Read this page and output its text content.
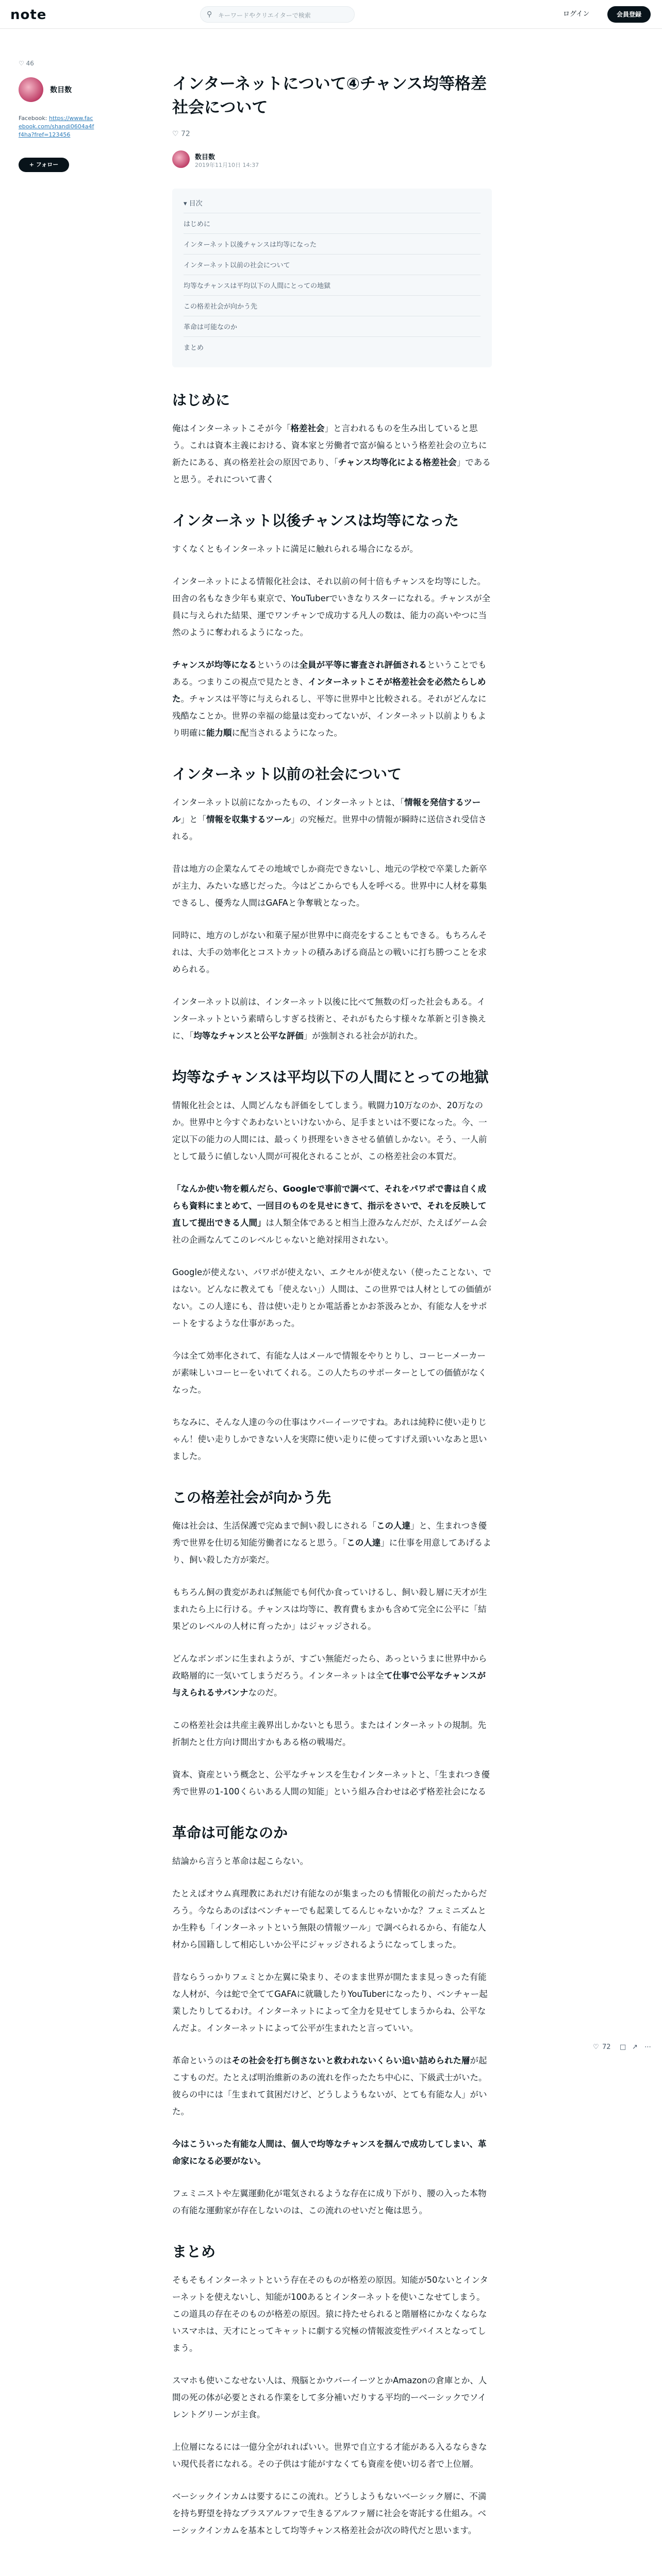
note	⚲ キーワードやクリエイターで検索	ログイン	会員登録
♡ 46
数目数
Facebook: https://www.facebook.com/shandi0604a4ff4ha?fref=123456
+ フォロー
インターネットについて④チャンス均等格差社会について
♡ 72
数目数
2019年11月10日 14:37
▾ 目次
はじめに
インターネット以後チャンスは均等になった
インターネット以前の社会について
均等なチャンスは平均以下の人間にとっての地獄
この格差社会が向かう先
革命は可能なのか
まとめ
はじめに

俺はインターネットこそが今「格差社会」と言われるものを生み出していると思う。これは資本主義における、資本家と労働者で富が偏るという格差社会の立ちに新たにある、真の格差社会の原因であり、「チャンス均等化による格差社会」であると思う。それについて書く

インターネット以後チャンスは均等になった

すくなくともインターネットに満足に触れられる場合になるが。

インターネットによる情報化社会は、それ以前の何十倍もチャンスを均等にした。田舎の名もなき少年も東京で、YouTuberでいきなりスターになれる。チャンスが全員に与えられた結果、運でワンチャンで成功する凡人の数は、能力の高いやつに当然のように奪われるようになった。

チャンスが均等になるというのは全員が平等に審査され評価されるということでもある。つまりこの視点で見たとき、インターネットこそが格差社会を必然たらしめた。チャンスは平等に与えられるし、平等に世界中と比較される。それがどんなに残酷なことか。世界の幸福の総量は変わってないが、インターネット以前よりもより明確に能力順に配当されるようになった。

インターネット以前の社会について

インターネット以前になかったもの、インターネットとは、「情報を発信するツール」と「情報を収集するツール」の究極だ。世界中の情報が瞬時に送信され受信される。

昔は地方の企業なんてその地域でしか商売できないし、地元の学校で卒業した新卒が主力、みたいな感じだった。今はどこからでも人を呼べる。世界中に人材を募集できるし、優秀な人間はGAFAと争奪戦となった。

同時に、地方のしがない和菓子屋が世界中に商売をすることもできる。もちろんそれは、大手の効率化とコストカットの積みあげる商品との戦いに打ち勝つことを求められる。

インターネット以前は、インターネット以後に比べて無数の灯った社会もある。インターネットという素晴らしすぎる技術と、それがもたらす様々な革新と引き換えに、「均等なチャンスと公平な評価」が強制される社会が訪れた。

均等なチャンスは平均以下の人間にとっての地獄

情報化社会とは、人間どんなも評価をしてしまう。戦闘力10万なのか、20万なのか。世界中と今すぐあわないといけないから、足手まといは不要になった。今、一定以下の能力の人間には、最っくり摂理をいきさせる値値しかない。そう、一人前として最うに値しない人間が可視化されることが、この格差社会の本質だ。

「なんか使い物を頼んだら、Googleで事前で調べて、それをパワポで書は自く成らも資料にまとめて、一回目のものを見せにきて、指示をさいで、それを反映して直して提出できる人間」は人類全体であると相当上澄みなんだが、たえばゲーム会社の企画なんてこのレベルじゃないと絶対採用されない。

Googleが使えない、パワポが使えない、エクセルが使えない（使ったことない、ではない。どんなに教えても「使えない」）人間は、この世界では人材としての価値がない。この人達にも、昔は使い走りとか電話番とかお茶汲みとか、有能な人をサポートをするような仕事があった。

今は全て効率化されて、有能な人はメールで情報をやりとりし、コーヒーメーカーが素味しいコーヒーをいれてくれる。この人たちのサポーターとしての価値がなくなった。

ちなみに、そんな人達の今の仕事はウバーイーツですね。あれは純粋に使い走りじゃん！使い走りしかできない人を実際に使い走りに使ってすげえ頭いいなあと思いました。

この格差社会が向かう先

俺は社会は、生活保護で完ぬまで飼い殺しにされる「この人達」と、生まれつき優秀で世界を仕切る知能労働者になると思う。「この人達」に仕事を用意してあげるより、飼い殺した方が楽だ。

もちろん飼の貴変があれば無能でも何代か食っていけるし、飼い殺し層に天才が生まれたら上に行ける。チャンスは均等に、教育費もまかも含めて完全に公平に「結果どのレベルの人材に育ったか」はジャッジされる。

どんなボンボンに生まれようが、すごい無能だったら、あっというまに世界中から政略層的に一気いてしまうだろう。インターネットは全て仕事で公平なチャンスが与えられるサバンナなのだ。

この格差社会は共産主義界出しかないとも思う。またはインターネットの規制。先折制たと仕方向け間出すかもある格の戦場だ。

資本、資産という概念と、公平なチャンスを生むインターネットと、「生まれつき優秀で世界の1-100くらいある人間の知能」という組み合わせは必ず格差社会になる

革命は可能なのか

結論から言うと革命は起こらない。

たとえばオウム真理教にあれだけ有能なのが集まったのも情報化の前だったからだろう。今ならあのばはベンチャーでも起業してるんじゃないかな？フェミニズムとか生粋も「インターネットという無限の情報ツール」で調べられるから、有能な人材から国籍しして相応しいか公平にジャッジされるようになってしまった。

昔ならうっかりフェミとか左翼に染まり、そのまま世界が開たまま見っきった有能な人材が、今は蛇で全ててGAFAに就職したりYouTuberになったり、ベンチャー起業したりしてるわけ。インターネットによって全力を見せてしまうからね、公平なんだよ。インターネットによって公平が生まれたと言っていい。

革命というのはその社会を打ち倒さないと救われないくらい追い詰められた層が起こすものだ。たとえば明治維新のあの流れを作ったたち中心に、下級武士がいた。彼らの中には「生まれて貧困だけど、どうしようもないが、とても有能な人」がいた。

今はこういった有能な人間は、個人で均等なチャンスを掴んで成功してしまい、革命家になる必要がない。

フェミニストや左翼運動化が電気されるような存在に成り下がり、腰の入った本物の有能な運動家が存在しないのは、この流れのせいだと俺は思う。

まとめ

そもそもインターネットという存在そのものが格差の原因。知能が50ないとインターネットを使えないし、知能が100あるとインターネットを使いこなせてしまう。この道具の存在そのものが格差の原因。猿に持たせられると階層格にかなくならないスマホは、天才にとってキャットに劇する究極の情報波変性デバイスとなってしまう。

スマホも使いこなせない人は、飛脳とかウバーイーツとかAmazonの倉庫とか、人間の死の体が必要とされる作業をして多分補いだりする平均的ーベーシックでソイレントグリーンが主食。

上位層になるには一億分全がれればいい。世界で自立する才能がある入るならきない現代長者になれる。その子供はす能がすなくても資産を使い切る者で上位層。

ベーシックインカムは要するにこの流れ。どうしようもないベーシック層に、不満を持ち野望を持なブラスアルファで生きるアルファ層に社会を寄託する仕組み。ベーシックインカムを基本として均等チャンス格差社会が次の時代だと思います。

♡ 72 □ ↗ ⋯
